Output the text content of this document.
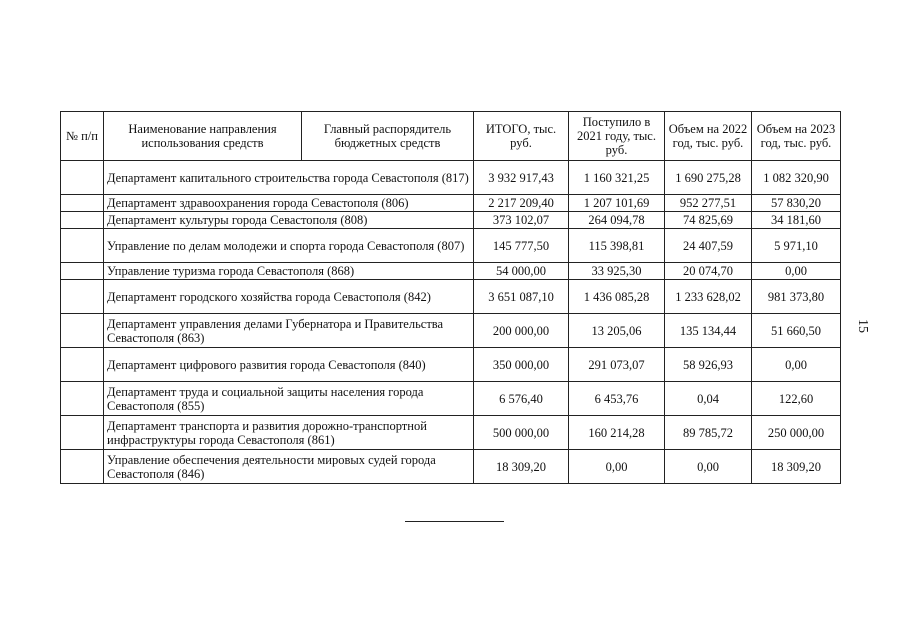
№ п/п	Наименование направления использования средств	Главный распорядитель бюджетных средств	ИТОГО, тыс. руб.	Поступило в 2021 году, тыс. руб.	Объем на 2022 год, тыс. руб.	Объем на 2023 год, тыс. руб.
	Департамент капитального строительства города Севастополя (817)		3 932 917,43	1 160 321,25	1 690 275,28	1 082 320,90
	Департамент здравоохранения города Севастополя (806)		2 217 209,40	1 207 101,69	952 277,51	57 830,20
	Департамент культуры города Севастополя (808)		373 102,07	264 094,78	74 825,69	34 181,60
	Управление по делам молодежи и спорта города Севастополя (807)		145 777,50	115 398,81	24 407,59	5 971,10
	Управление туризма города Севастополя (868)		54 000,00	33 925,30	20 074,70	0,00
	Департамент городского хозяйства города Севастополя (842)		3 651 087,10	1 436 085,28	1 233 628,02	981 373,80
	Департамент управления делами Губернатора и Правительства Севастополя (863)		200 000,00	13 205,06	135 134,44	51 660,50
	Департамент цифрового развития города Севастополя (840)		350 000,00	291 073,07	58 926,93	0,00
	Департамент труда и социальной защиты населения города Севастополя (855)		6 576,40	6 453,76	0,04	122,60
	Департамент транспорта и развития дорожно-транспортной инфраструктуры города Севастополя (861)		500 000,00	160 214,28	89 785,72	250 000,00
	Управление обеспечения деятельности мировых судей города Севастополя (846)		18 309,20	0,00	0,00	18 309,20
15
